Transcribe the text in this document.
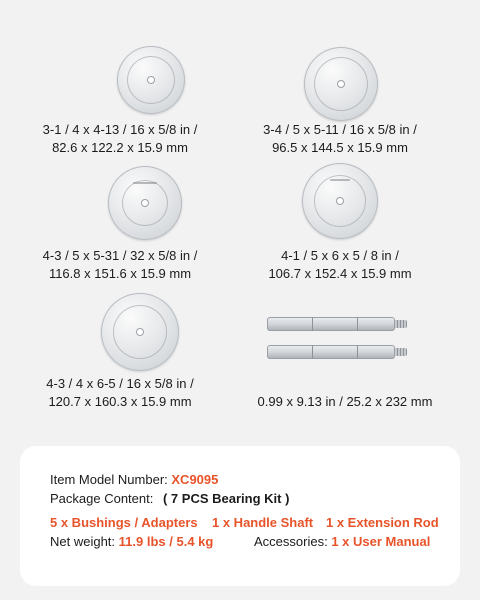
3-1 / 4 x 4-13 / 16 x 5/8 in /
82.6 x 122.2 x 15.9 mm
3-4 / 5 x 5-11 / 16 x 5/8 in /
96.5 x 144.5 x 15.9 mm
4-3 / 5 x 5-31 / 32 x 5/8 in /
116.8 x 151.6 x 15.9 mm
4-1 / 5 x 6 x 5 / 8 in /
106.7 x 152.4 x 15.9 mm
4-3 / 4 x 6-5 / 16 x 5/8 in /
120.7 x 160.3 x 15.9 mm	0.99 x 9.13 in / 25.2 x 232 mm
Item Model Number: XC9095
Package Content: ( 7 PCS Bearing Kit )
5 x Bushings / Adapters 1 x Handle Shaft 1 x Extension Rod
Net weight: 11.9 lbs / 5.4 kg	Accessories: 1 x User Manual
